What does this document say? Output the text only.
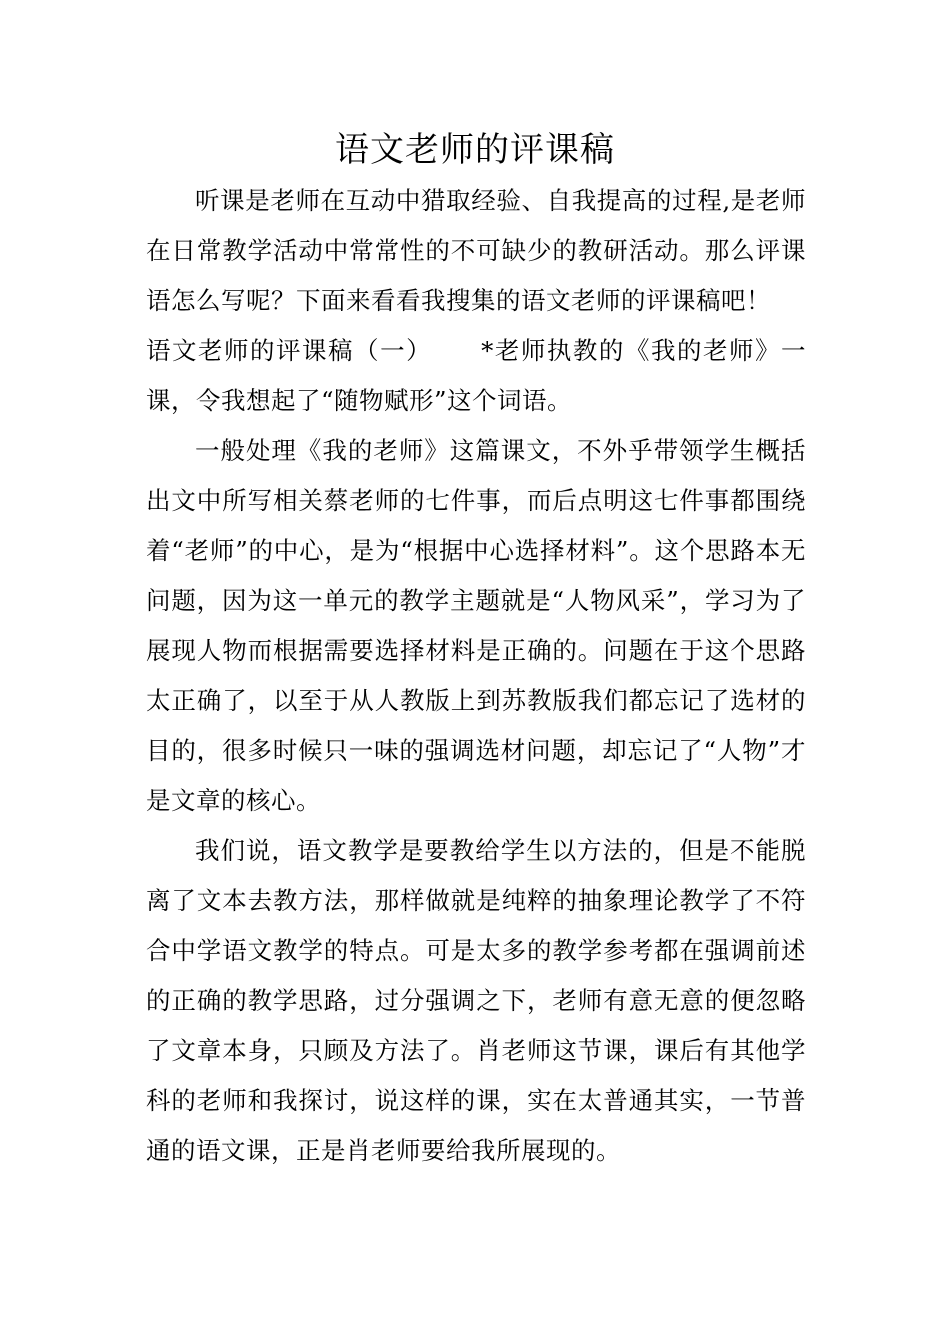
语文老师的评课稿

听课是老师在互动中猎取经验、自我提高的过程,是老师在日常教学活动中常常性的不可缺少的教研活动。那么评课语怎么写呢？下面来看看我搜集的语文老师的评课稿吧！

语文老师的评课稿（一）　　 *老师执教的《我的老师》一课，令我想起了“随物赋形”这个词语。

一般处理《我的老师》这篇课文，不外乎带领学生概括出文中所写相关蔡老师的七件事，而后点明这七件事都围绕着“老师”的中心，是为“根据中心选择材料”。这个思路本无问题，因为这一单元的教学主题就是“人物风采”，学习为了展现人物而根据需要选择材料是正确的。问题在于这个思路太正确了，以至于从人教版上到苏教版我们都忘记了选材的目的，很多时候只一味的强调选材问题，却忘记了“人物”才是文章的核心。

我们说，语文教学是要教给学生以方法的，但是不能脱离了文本去教方法，那样做就是纯粹的抽象理论教学了不符合中学语文教学的特点。可是太多的教学参考都在强调前述的正确的教学思路，过分强调之下，老师有意无意的便忽略了文章本身，只顾及方法了。肖老师这节课，课后有其他学科的老师和我探讨，说这样的课，实在太普通其实，一节普通的语文课，正是肖老师要给我所展现的。
